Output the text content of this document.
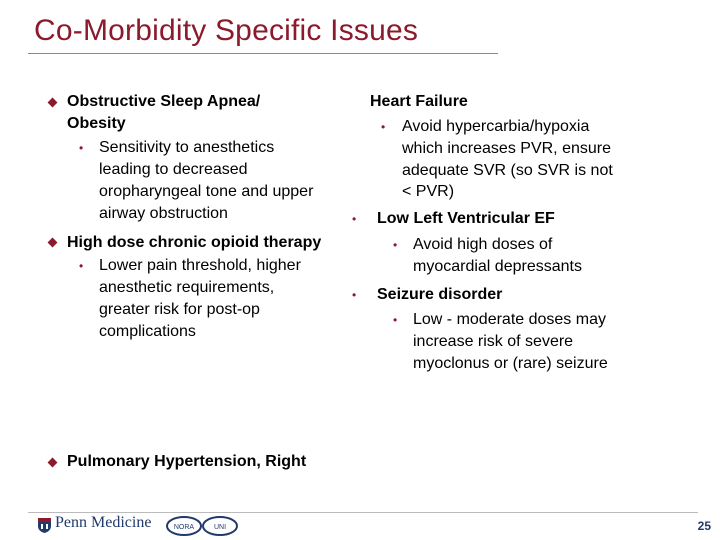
Co-Morbidity Specific Issues
Obstructive Sleep Apnea/
Obesity
• Sensitivity to anesthetics
leading to decreased
oropharyngeal tone and upper
airway obstruction
High dose chronic opioid therapy
• Lower pain threshold, higher
anesthetic requirements,
greater risk for post-op
complications
Heart Failure
• Avoid hypercarbia/hypoxia
which increases PVR, ensure
adequate SVR (so SVR is not
< PVR)
• Low Left Ventricular EF
• Avoid high doses of
myocardial depressants
• Seizure disorder
• Low - moderate doses may
increase risk of severe
myoclonus or (rare) seizure
Pulmonary Hypertension, Right
Penn Medicine	NORA	UNI	25
